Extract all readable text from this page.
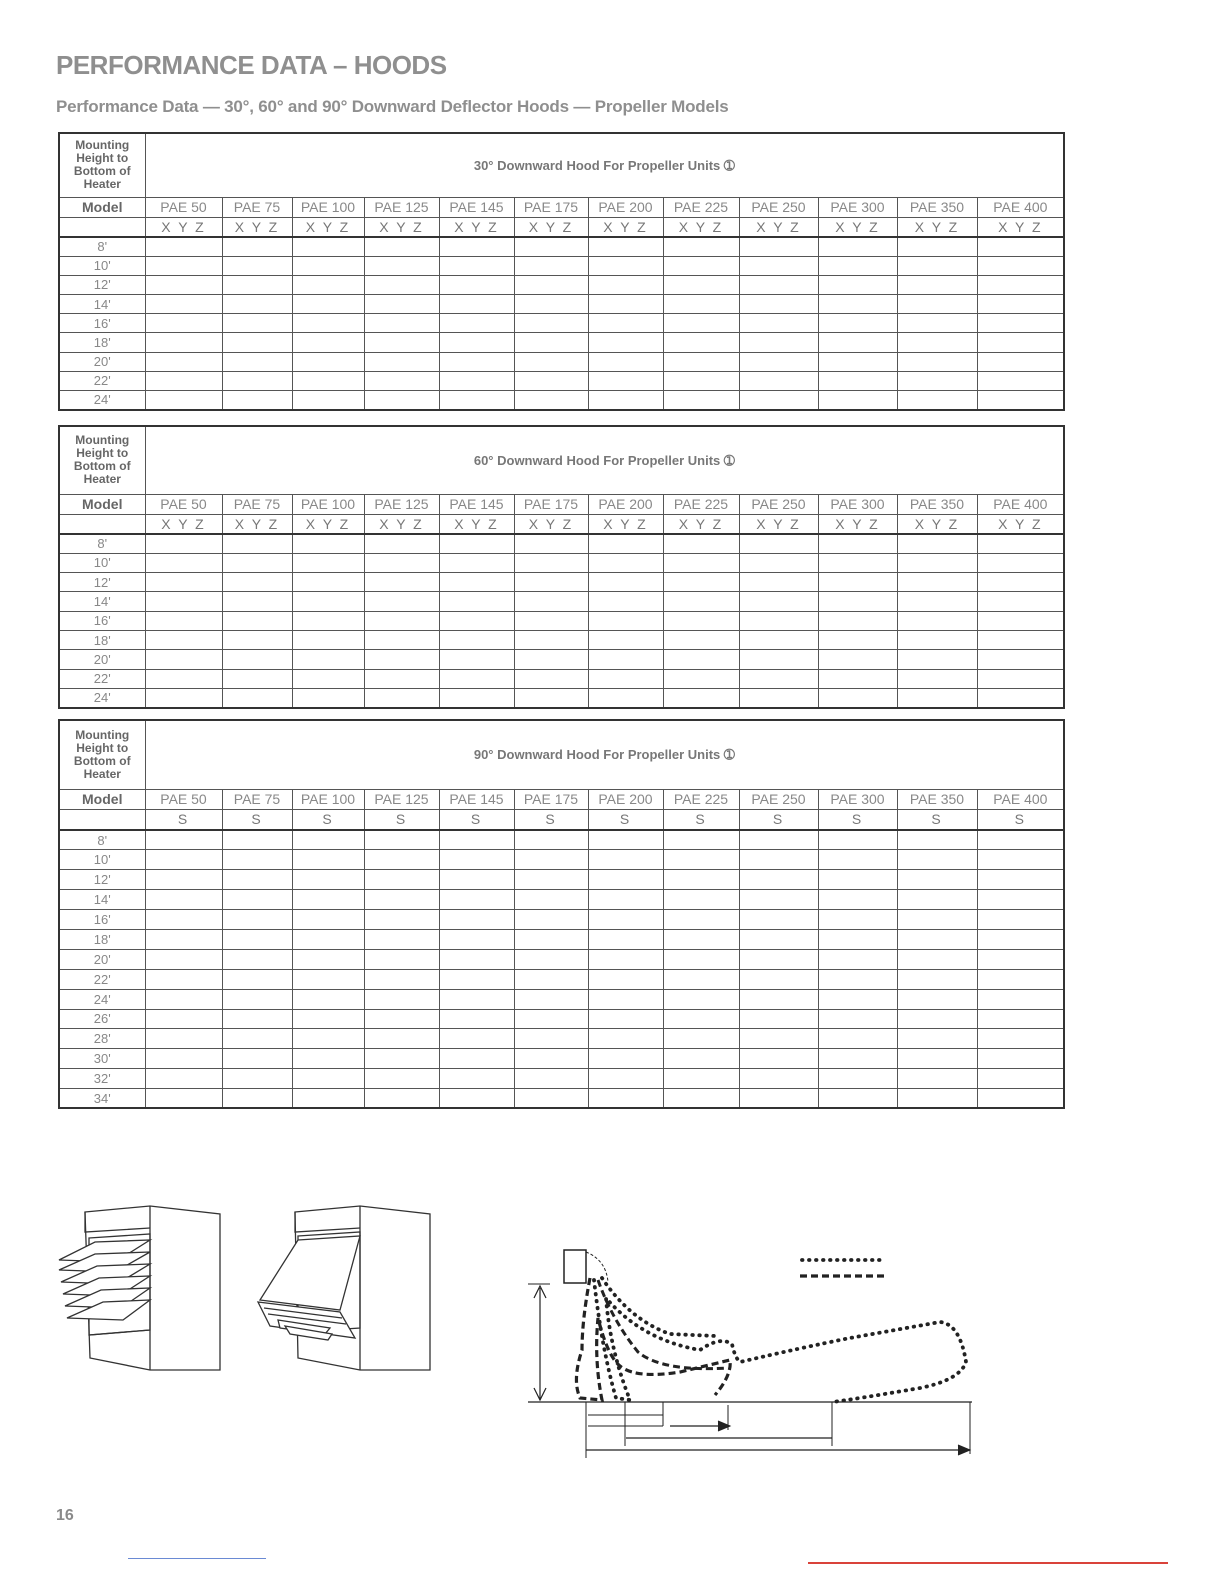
PERFORMANCE DATA – HOODS
Performance Data — 30°, 60° and 90° Downward Deflector Hoods — Propeller Models
Mounting Height to Bottom of Heater	30° Downward Hood For Propeller Units ➀											
Model	PAE 50	PAE 75	PAE 100	PAE 125	PAE 145	PAE 175	PAE 200	PAE 225	PAE 250	PAE 300	PAE 350	PAE 400
	X Y Z	X Y Z	X Y Z	X Y Z	X Y Z	X Y Z	X Y Z	X Y Z	X Y Z	X Y Z	X Y Z	X Y Z
8'												
10'												
12'												
14'												
16'												
18'												
20'												
22'												
24'												
Mounting Height to Bottom of Heater	60° Downward Hood For Propeller Units ➀											
Model	PAE 50	PAE 75	PAE 100	PAE 125	PAE 145	PAE 175	PAE 200	PAE 225	PAE 250	PAE 300	PAE 350	PAE 400
	X Y Z	X Y Z	X Y Z	X Y Z	X Y Z	X Y Z	X Y Z	X Y Z	X Y Z	X Y Z	X Y Z	X Y Z
8'												
10'												
12'												
14'												
16'												
18'												
20'												
22'												
24'												
Mounting Height to Bottom of Heater	90° Downward Hood For Propeller Units ➀											
Model	PAE 50	PAE 75	PAE 100	PAE 125	PAE 145	PAE 175	PAE 200	PAE 225	PAE 250	PAE 300	PAE 350	PAE 400
	S	S	S	S	S	S	S	S	S	S	S	S
8'												
10'												
12'												
14'												
16'												
18'												
20'												
22'												
24'												
26'												
28'												
30'												
32'												
34'												
16
